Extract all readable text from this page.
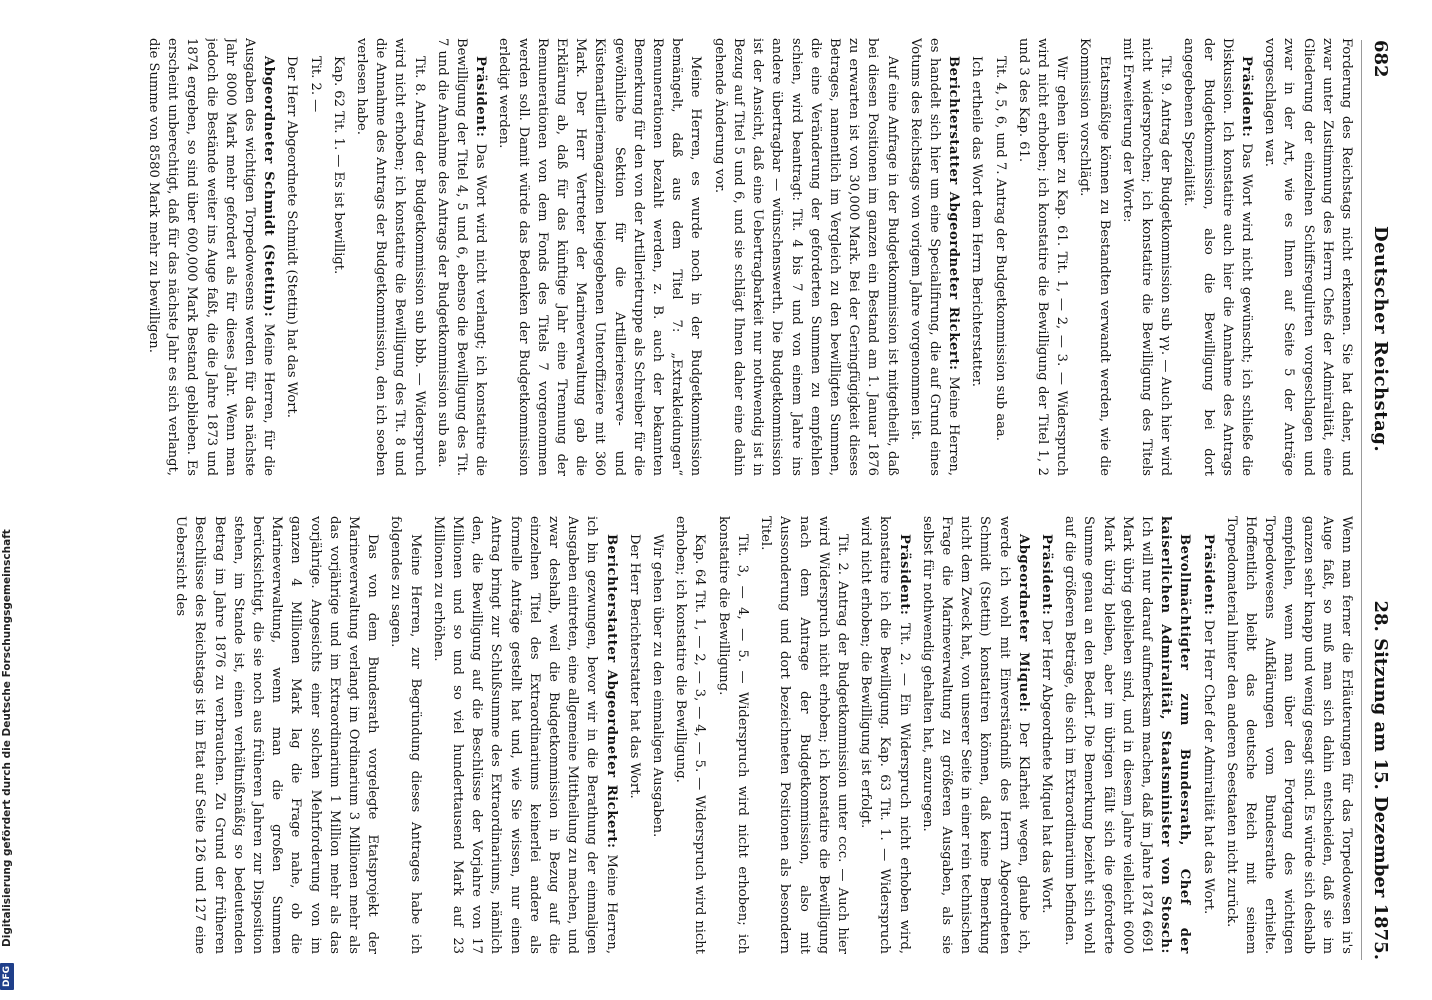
682
Deutscher Reichstag.
28. Sitzung am 15. Dezember 1875.

Forderung des Reichstags nicht erkennen. Sie hat daher, und zwar unter Zustimmung des Herrn Chefs der Admiralität, eine Gliederung der einzelnen Schiffsregulirten vorgeschlagen und zwar in der Art, wie es Ihnen auf Seite 5 der Anträge vorgeschlagen war.

Präsident: Das Wort wird nicht gewünscht; ich schließe die Diskussion. Ich konstatire auch hier die Annahme des Antrags der Budgetkommission, also die Bewilligung bei dort angegebenen Spezialität.

Tit. 9. Antrag der Budgetkommission sub γγ. — Auch hier wird nicht widersprochen; ich konstatire die Bewilligung des Titels mit Erweiterung der Worte:

Etatsmäßige können zu Bestandten verwandt werden, wie die Kommission vorschlägt.

Wir gehen über zu Kap. 61. Tit. 1, — 2, — 3. — Widerspruch wird nicht erhoben; ich konstatire die Bewilligung der Titel 1, 2 und 3 des Kap. 61.

Tit. 4, 5, 6, und 7. Antrag der Budgetkommission sub aaa.

Ich ertheile das Wort dem Herrn Berichterstatter.

Berichterstatter Abgeordneter Rickert: Meine Herren, es handelt sich hier um eine Specialifirung, die auf Grund eines Votums des Reichstags von vorigem Jahre vorgenommen ist.

Auf eine Anfrage in der Budgetkommission ist mitgetheilt, daß bei diesen Positionen im ganzen ein Bestand am 1. Januar 1876 zu erwarten ist von 30,000 Mark. Bei der Geringfügigkeit dieses Betrages, namentlich im Vergleich zu den bewilligten Summen, die eine Veränderung der geforderten Summen zu empfehlen schien, wird beantragt: Tit. 4 bis 7 und von einem Jahre ins andere übertragbar — wünschenswerth. Die Budgetkommission ist der Ansicht, daß eine Uebertragbarkeit nur nothwendig ist in Bezug auf Titel 5 und 6, und sie schlägt Ihnen daher eine dahin gehende Änderung vor.

Meine Herren, es wurde noch in der Budgetkommission bemängelt, daß aus dem Titel 7: „Extrakleidungen“ Remunerationen bezahlt werden, z. B. auch der bekannten Bemerkung für den von der Artillerietruppe als Schreiber für die gewöhnliche Sektion für die Artilleriereserve- und Küstenartilleriemagazinen beigegebenen Unteroffiziere mit 360 Mark. Der Herr Vertreter der Marineverwaltung gab die Erklärung ab, daß für das künftige Jahr eine Trennung der Remunerationen von dem Fonds des Titels 7 vorgenommen werden soll. Damit würde das Bedenken der Budgetkommission erledigt werden.

Präsident: Das Wort wird nicht verlangt; ich konstatire die Bewilligung der Titel 4, 5 und 6, ebenso die Bewilligung des Tit. 7 und die Annahme des Antrags der Budgetkommission sub aaa.

Tit. 8. Antrag der Budgetkommission sub bbb. — Widerspruch wird nicht erhoben; ich konstatire die Bewilligung des Tit. 8 und die Annahme des Antrags der Budgetkommission, den ich soeben verlesen habe.

Kap. 62 Tit. 1. — Es ist bewilligt.

Tit. 2. —

Der Herr Abgeordnete Schmidt (Stettin) hat das Wort.

Abgeordneter Schmidt (Stettin): Meine Herren, für die Ausgaben des wichtigen Torpedowesens werden für das nächste Jahr 8000 Mark mehr gefordert als für dieses Jahr. Wenn man jedoch die Bestände weiter ins Auge faßt, die die Jahre 1873 und 1874 ergeben, so sind über 600,000 Mark Bestand geblieben. Es erscheint unberechtigt, daß für das nächste Jahr es sich verlangt, die Summe von 8580 Mark mehr zu bewilligen.

Wenn man ferner die Erläuterungen für das Torpedowesen in's Auge faßt, so muß man sich dahin entscheiden, daß sie im ganzen sehr knapp und wenig gesagt sind. Es würde sich deshalb empfehlen, wenn man über den Fortgang des wichtigen Torpedowesens Aufklärungen vom Bundesrathe erhielte. Hoffentlich bleibt das deutsche Reich mit seinem Torpedomaterial hinter den anderen Seestaaten nicht zurück.

Präsident: Der Herr Chef der Admiralität hat das Wort.

Bevollmächtigter zum Bundesrath, Chef der kaiserlichen Admiralität, Staatsminister von Stosch: Ich will nur darauf aufmerksam machen, daß im Jahre 1874 6691 Mark übrig geblieben sind, und in diesem Jahre vielleicht 6000 Mark übrig bleiben, aber im übrigen fällt sich die geforderte Summe genau an den Bedarf. Die Bemerkung bezieht sich wohl auf die größeren Beträge, die sich im Extraordinarium befinden.

Präsident: Der Herr Abgeordnete Miquel hat das Wort.

Abgeordneter Miquel: Der Klarheit wegen, glaube ich, werde ich wohl mit Einverständniß des Herrn Abgeordneten Schmidt (Stettin) konstatiren können, daß keine Bemerkung nicht dem Zweck hat, von unserer Seite in einer rein technischen Frage die Marineverwaltung zu größeren Ausgaben, als sie selbst für nothwendig gehalten hat, anzuregen.

Präsident: Tit. 2. — Ein Widerspruch nicht erhoben wird, konstatire ich die Bewilligung. Kap. 63 Tit. 1. — Widerspruch wird nicht erhoben; die Bewilligung ist erfolgt.

Tit. 2. Antrag der Budgetkommission unter ccc. — Auch hier wird Widerspruch nicht erhoben; ich konstatire die Bewilligung nach dem Antrage der Budgetkommission, also mit Aussonderung und dort bezeichneten Positionen als besondern Titel.

Tit. 3, — 4, — 5. — Widerspruch wird nicht erhoben; ich konstatire die Bewilligung.

Kap. 64 Tit. 1, — 2, — 3, — 4, — 5. — Widerspruch wird nicht erhoben; ich konstatire die Bewilligung.

Wir gehen über zu den einmaligen Ausgaben.

Der Herr Berichterstatter hat das Wort.

Berichterstatter Abgeordneter Rickert: Meine Herren, ich bin gezwungen, bevor wir in die Berathung der einmaligen Ausgaben eintreten, eine allgemeine Mittheilung zu machen, und zwar deshalb, weil die Budgetkommission in Bezug auf die einzelnen Titel des Extraordinariums keinerlei andere als formelle Anträge gestellt hat und, wie Sie wissen, nur einen Antrag bringt zur Schlußsumme des Extraordinariums, nämlich den, die Bewilligung auf die Beschlüsse der Vorjahre von 17 Millionen und so und so viel hunderttausend Mark auf 23 Millionen zu erhöhen.

Meine Herren, zur Begründung dieses Antrages habe ich folgendes zu sagen.

Das von dem Bundesrath vorgelegte Etatsprojekt der Marineverwaltung verlangt im Ordinarium 3 Millionen mehr als das vorjährige und im Extraordinarium 1 Million mehr als das vorjährige. Angesichts einer solchen Mehrforderung von im ganzen 4 Millionen Mark lag die Frage nahe, ob die Marineverwaltung, wenn man die großen Summen berücksichtigt, die sie noch aus früheren Jahren zur Disposition stehen, im Stande ist, einen verhältnißmäßig so bedeutenden Betrag im Jahre 1876 zu verbrauchen. Zu Grund der früheren Beschlüsse des Reichstags ist im Etat auf Seite 126 und 127 eine Uebersicht des

DFG
Digitalisierung gefördert durch die Deutsche Forschungsgemeinschaft
